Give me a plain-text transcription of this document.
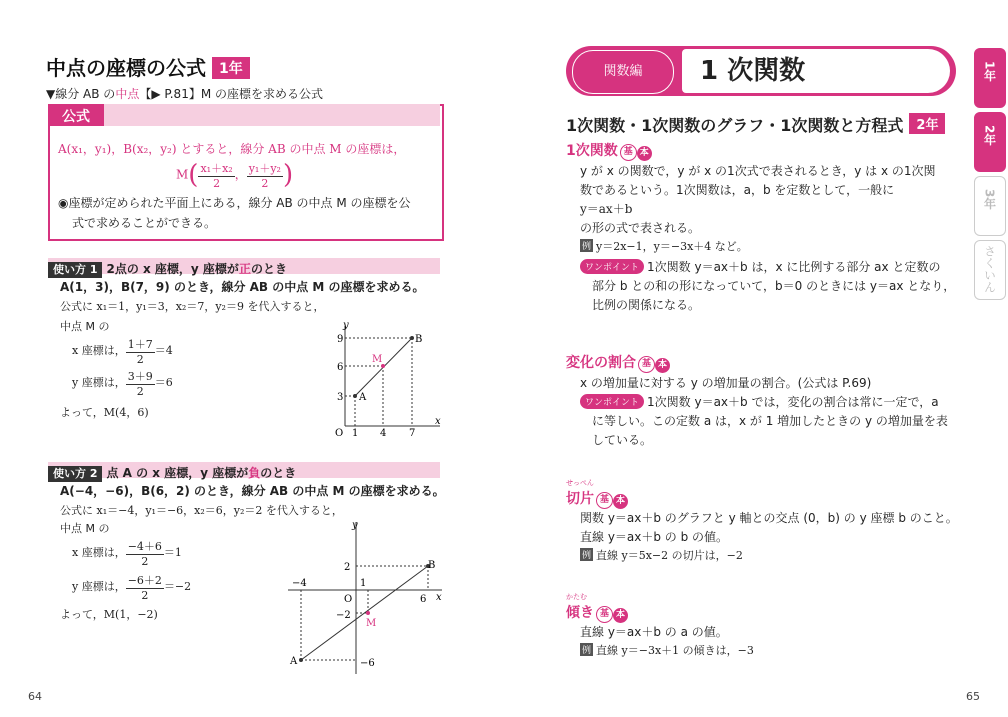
中点の座標の公式 1年
▼線分 AB の中点【▶ P.81】M の座標を求める公式
公式
A(x₁，y₁)，B(x₂，y₂) とすると，線分 AB の中点 M の座標は，
$M( \frac{\text{x₁＋x₂}}{2}$ ， $\frac{\text{y₁＋y₂}}{2}$ )
◉座標が定められた平面上にある，線分 AB の中点 M の座標を公
式で求めることができる。
使い方 1 2点の x 座標，y 座標が正のとき
A(1，3)，B(7，9) のとき，線分 AB の中点 M の座標を求める。
公式に x₁＝1，y₁＝3，x₂＝7，y₂＝9 を代入すると，
中点 M の
x 座標は， $\frac{1+7}{2} =4$
y 座標は， $\frac{3+9}{2} =6$
よって，M(4，6)
y
x
O
9
6
3
1 4 7
A
B
M
使い方 2 点 A の x 座標，y 座標が負のとき
A(−4，−6)，B(6，2) のとき，線分 AB の中点 M の座標を求める。
公式に x₁＝−4，y₁＝−6，x₂＝6，y₂＝2 を代入すると，
中点 M の
x 座標は， $\frac{-4+6}{2} =1$
y 座標は， $\frac{-6+2}{2} =-2$
よって，M(1，−2)
y
x
O
2
−2
−6
−4	1
6
A
B
M
64
関数編	1 次関数
1次関数・1次関数のグラフ・1次関数と方程式 2年
1次関数 基 本
y が x の関数で，y が x の1次式で表されるとき，y は x の1次関
数であるという。1次関数は，a，b を定数として，一般に
y＝ax＋b
の形の式で表される。
例 y＝2x−1，y＝−3x＋4 など。
ワンポイント 1次関数 y＝ax＋b は，x に比例する部分 ax と定数の
部分 b との和の形になっていて，b＝0 のときには y＝ax となり，
比例の関係になる。
変化の割合 基 本
x の増加量に対する y の増加量の割合。(公式は P.69)
ワンポイント 1次関数 y＝ax＋b では，変化の割合は常に一定で，a
に等しい。この定数 a は，x が 1 増加したときの y の増加量を表
している。
せっぺん
切片 基 本
関数 y＝ax＋b のグラフと y 軸との交点 (0，b) の y 座標 b のこと。
直線 y＝ax＋b の b の値。
例 直線 y＝5x−2 の切片は，−2
かたむ
傾き 基 本
直線 y＝ax＋b の a の値。
例 直線 y＝−3x＋1 の傾きは，−3
1年
2年
3年
さくいん
65
